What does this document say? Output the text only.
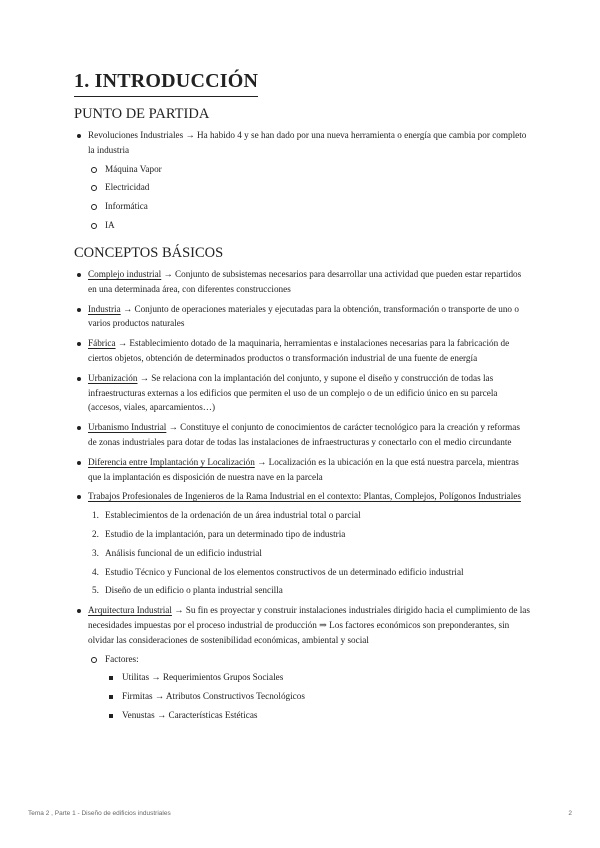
1. INTRODUCCIÓN
PUNTO DE PARTIDA
Revoluciones Industriales → Ha habido 4 y se han dado por una nueva herramienta o energía que cambia por completo la industria
Máquina Vapor
Electricidad
Informática
IA
CONCEPTOS BÁSICOS
Complejo industrial → Conjunto de subsistemas necesarios para desarrollar una actividad que pueden estar repartidos en una determinada área, con diferentes construcciones
Industria → Conjunto de operaciones materiales y ejecutadas para la obtención, transformación o transporte de uno o varios productos naturales
Fábrica → Establecimiento dotado de la maquinaria, herramientas e instalaciones necesarias para la fabricación de ciertos objetos, obtención de determinados productos o transformación industrial de una fuente de energía
Urbanización → Se relaciona con la implantación del conjunto, y supone el diseño y construcción de todas las infraestructuras externas a los edificios que permiten el uso de un complejo o de un edificio único en su parcela (accesos, viales, aparcamientos…)
Urbanismo Industrial → Constituye el conjunto de conocimientos de carácter tecnológico para la creación y reformas de zonas industriales para dotar de todas las instalaciones de infraestructuras y conectarlo con el medio circundante
Diferencia entre Implantación y Localización → Localización es la ubicación en la que está nuestra parcela, mientras que la implantación es disposición de nuestra nave en la parcela
Trabajos Profesionales de Ingenieros de la Rama Industrial en el contexto: Plantas, Complejos, Polígonos Industriales
1. Establecimientos de la ordenación de un área industrial total o parcial
2. Estudio de la implantación, para un determinado tipo de industria
3. Análisis funcional de un edificio industrial
4. Estudio Técnico y Funcional de los elementos constructivos de un determinado edificio industrial
5. Diseño de un edificio o planta industrial sencilla
Arquitectura Industrial → Su fin es proyectar y construir instalaciones industriales dirigido hacia el cumplimiento de las necesidades impuestas por el proceso industrial de producción ⇒ Los factores económicos son preponderantes, sin olvidar las consideraciones de sostenibilidad económicas, ambiental y social
Factores:
Utilitas → Requerimientos Grupos Sociales
Firmitas → Atributos Constructivos Tecnológicos
Venustas → Características Estéticas
Tema 2 , Parte 1 - Diseño de edificios industriales	2
